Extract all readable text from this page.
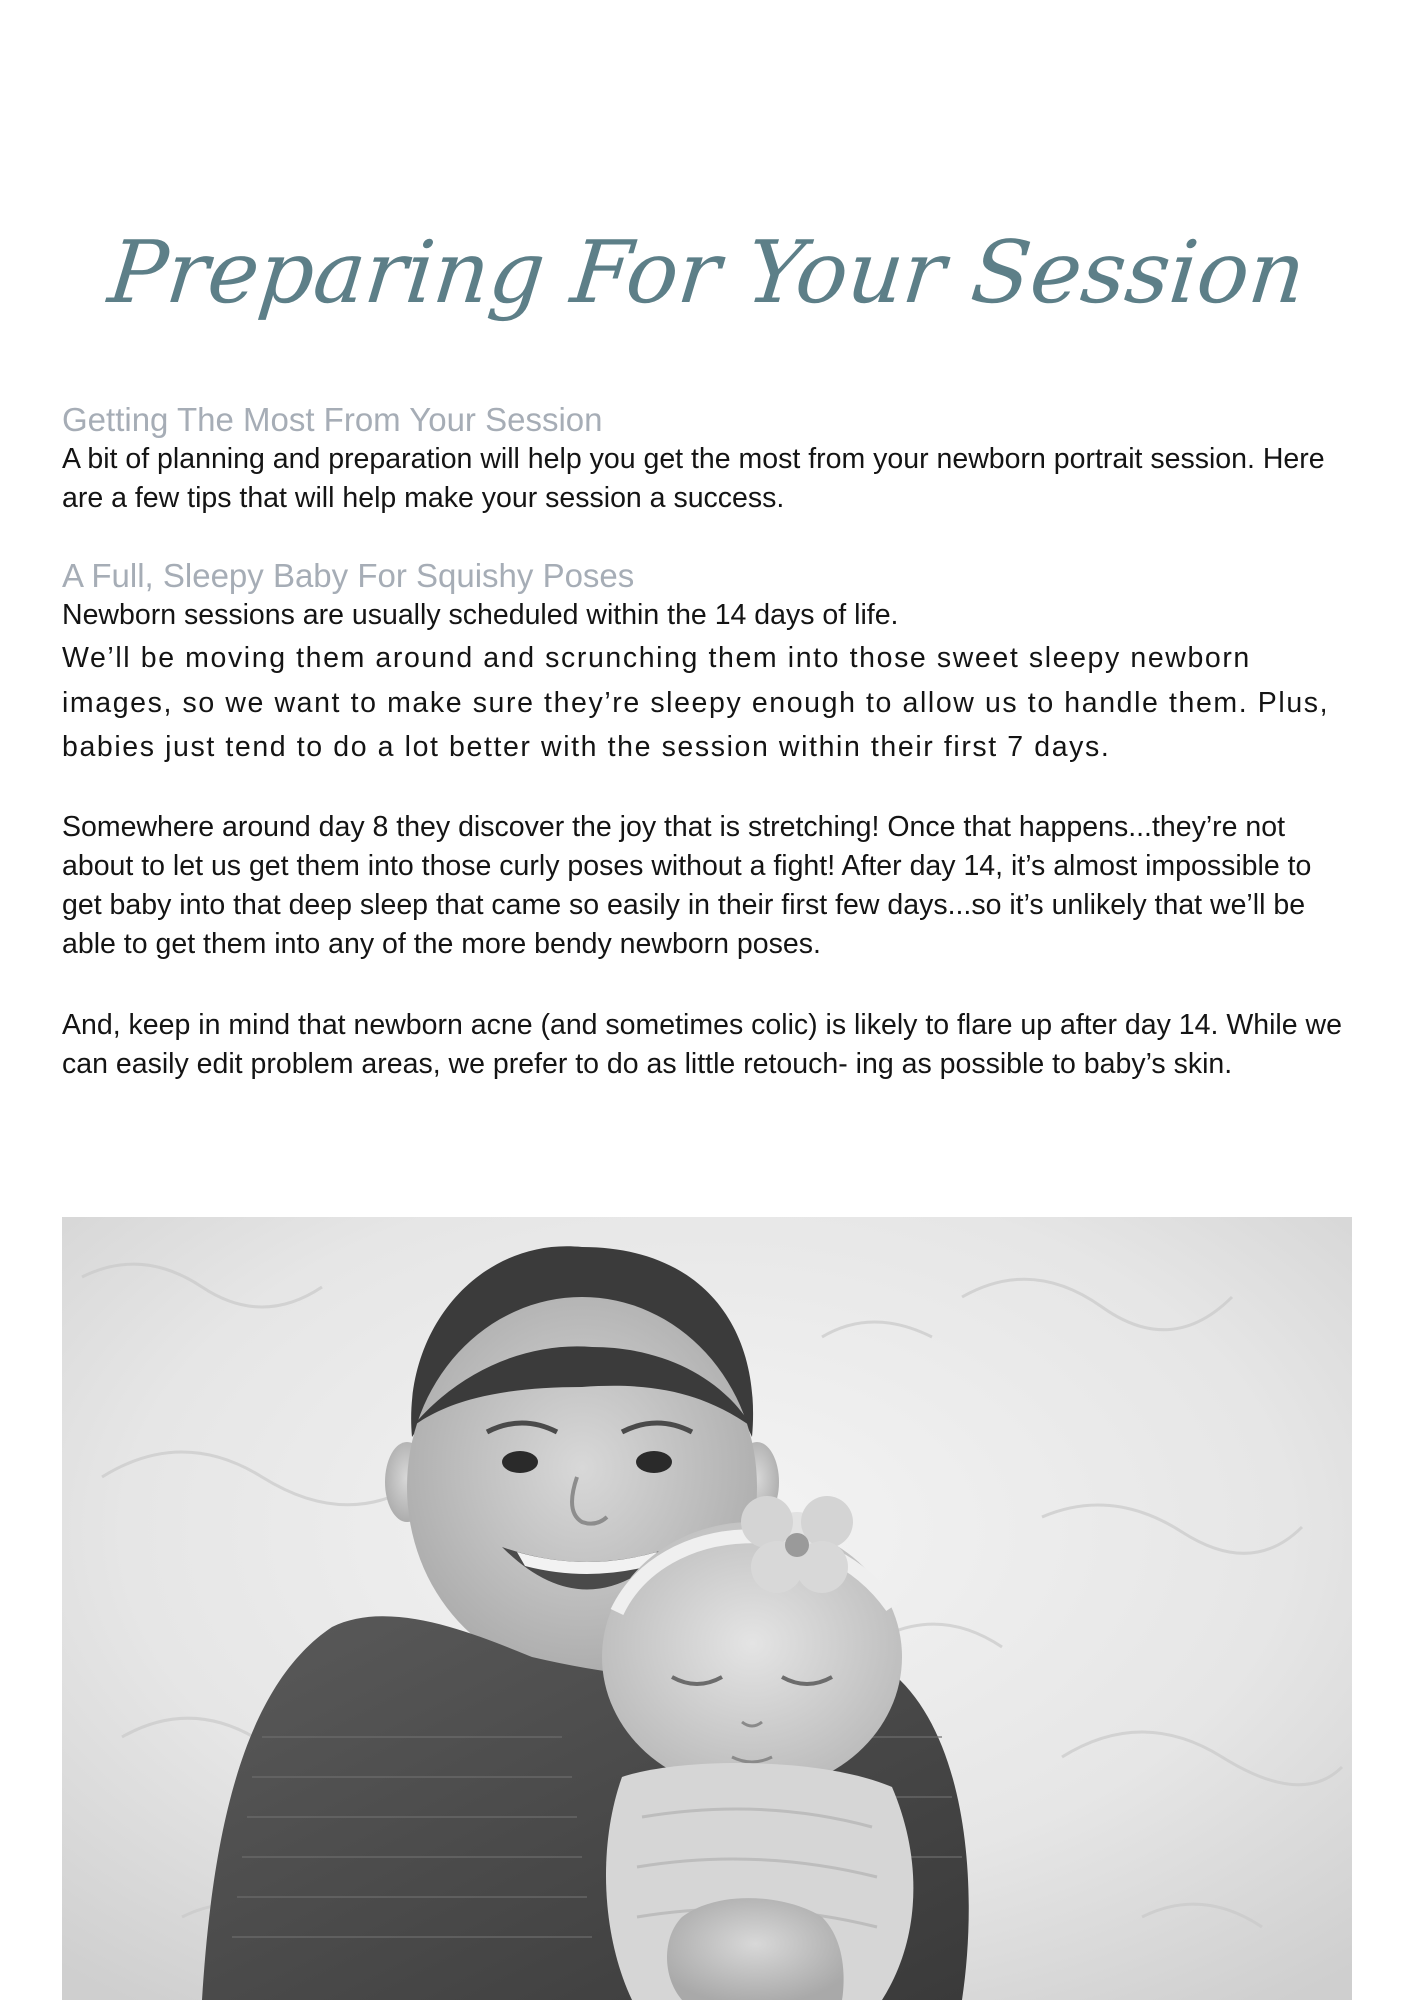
Preparing For Your Session
Getting The Most From Your Session

A bit of planning and preparation will help you get the most from your newborn portrait session. Here are a few tips that will help make your session a success.

A Full, Sleepy Baby For Squishy Poses

Newborn sessions are usually scheduled within the 14 days of life.

We’ll be moving them around and scrunching them into those sweet sleepy newborn images, so we want to make sure they’re sleepy enough to allow us to handle them. Plus, babies just tend to do a lot better with the session within their first 7 days.

Somewhere around day 8 they discover the joy that is stretching! Once that happens...they’re not about to let us get them into those curly poses without a fight! After day 14, it’s almost impossible to get baby into that deep sleep that came so easily in their first few days...so it’s unlikely that we’ll be able to get them into any of the more bendy newborn poses.

And, keep in mind that newborn acne (and sometimes colic) is likely to flare up after day 14. While we can easily edit problem areas, we prefer to do as little retouch- ing as possible to baby’s skin.
